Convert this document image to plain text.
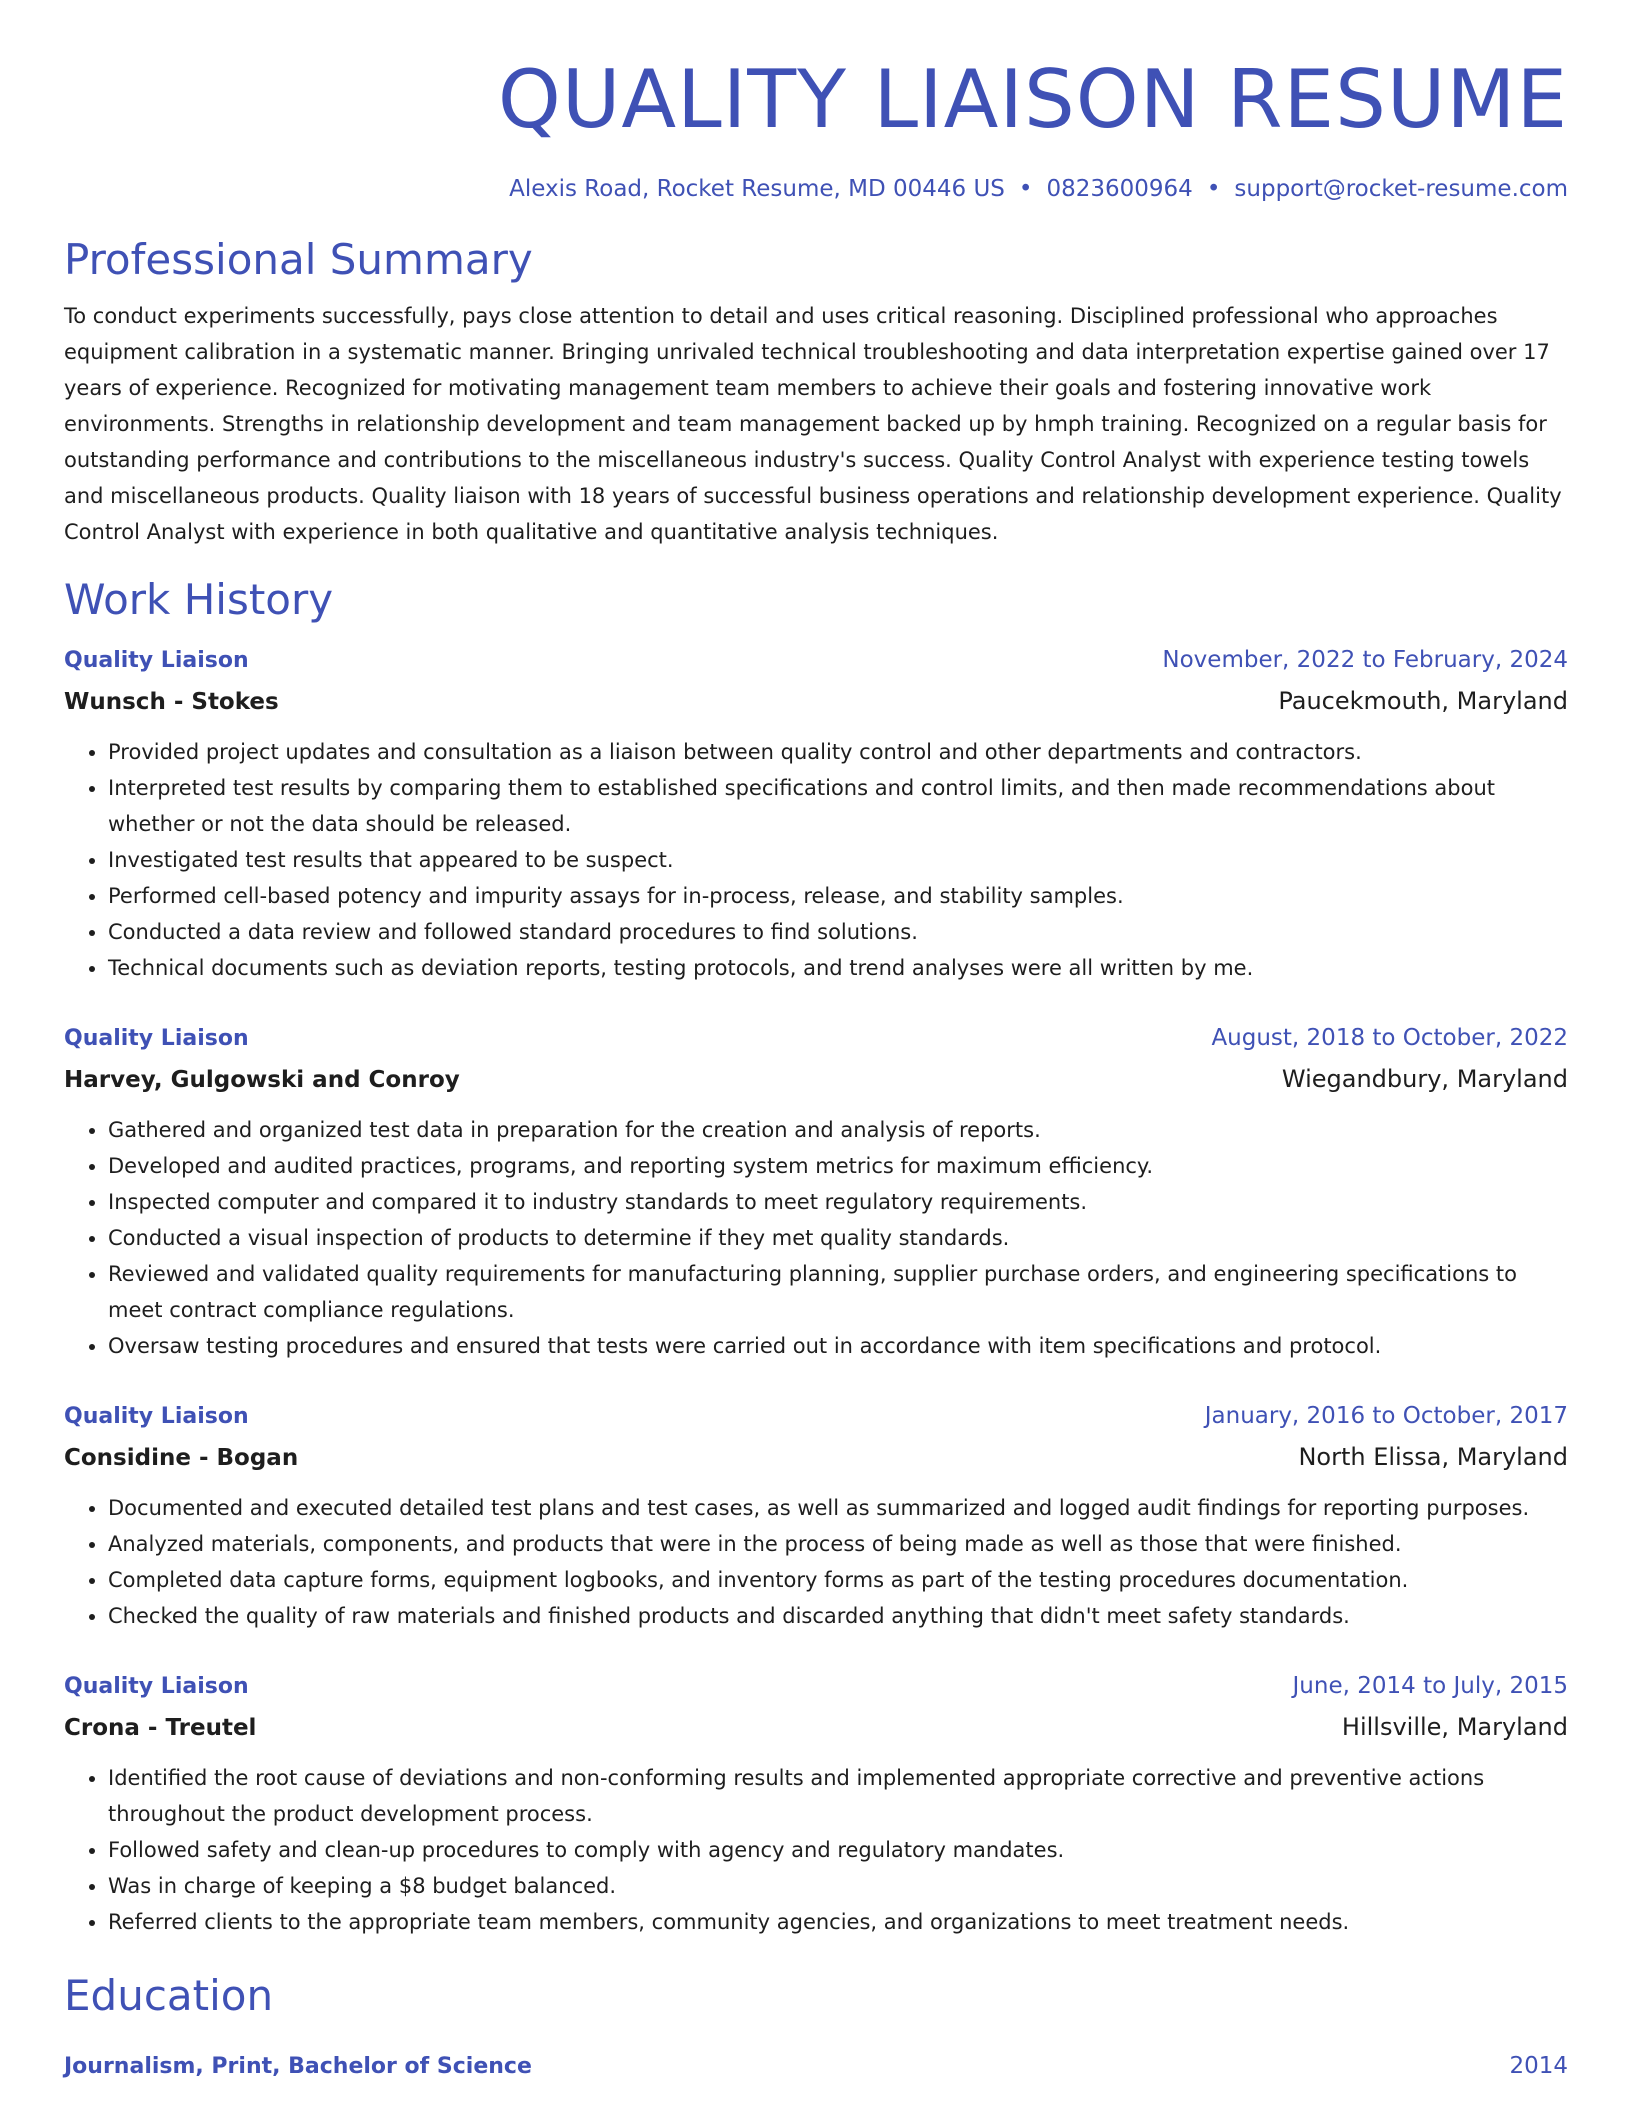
QUALITY LIAISON RESUME
Alexis Road, Rocket Resume, MD 00446 US • 0823600964 • support@rocket-resume.com
Professional Summary
To conduct experiments successfully, pays close attention to detail and uses critical reasoning. Disciplined professional who approaches equipment calibration in a systematic manner. Bringing unrivaled technical troubleshooting and data interpretation expertise gained over 17 years of experience. Recognized for motivating management team members to achieve their goals and fostering innovative work environments. Strengths in relationship development and team management backed up by hmph training. Recognized on a regular basis for outstanding performance and contributions to the miscellaneous industry's success. Quality Control Analyst with experience testing towels and miscellaneous products. Quality liaison with 18 years of successful business operations and relationship development experience. Quality Control Analyst with experience in both qualitative and quantitative analysis techniques.
Work History
Quality Liaison	November, 2022 to February, 2024
Wunsch - Stokes	Paucekmouth, Maryland
• Provided project updates and consultation as a liaison between quality control and other departments and contractors.
• Interpreted test results by comparing them to established specifications and control limits, and then made recommendations about whether or not the data should be released.
• Investigated test results that appeared to be suspect.
• Performed cell-based potency and impurity assays for in-process, release, and stability samples.
• Conducted a data review and followed standard procedures to find solutions.
• Technical documents such as deviation reports, testing protocols, and trend analyses were all written by me.
Quality Liaison	August, 2018 to October, 2022
Harvey, Gulgowski and Conroy	Wiegandbury, Maryland
• Gathered and organized test data in preparation for the creation and analysis of reports.
• Developed and audited practices, programs, and reporting system metrics for maximum efficiency.
• Inspected computer and compared it to industry standards to meet regulatory requirements.
• Conducted a visual inspection of products to determine if they met quality standards.
• Reviewed and validated quality requirements for manufacturing planning, supplier purchase orders, and engineering specifications to meet contract compliance regulations.
• Oversaw testing procedures and ensured that tests were carried out in accordance with item specifications and protocol.
Quality Liaison	January, 2016 to October, 2017
Considine - Bogan	North Elissa, Maryland
• Documented and executed detailed test plans and test cases, as well as summarized and logged audit findings for reporting purposes.
• Analyzed materials, components, and products that were in the process of being made as well as those that were finished.
• Completed data capture forms, equipment logbooks, and inventory forms as part of the testing procedures documentation.
• Checked the quality of raw materials and finished products and discarded anything that didn't meet safety standards.
Quality Liaison	June, 2014 to July, 2015
Crona - Treutel	Hillsville, Maryland
• Identified the root cause of deviations and non-conforming results and implemented appropriate corrective and preventive actions throughout the product development process.
• Followed safety and clean-up procedures to comply with agency and regulatory mandates.
• Was in charge of keeping a $8 budget balanced.
• Referred clients to the appropriate team members, community agencies, and organizations to meet treatment needs.
Education
Journalism, Print, Bachelor of Science	2014
